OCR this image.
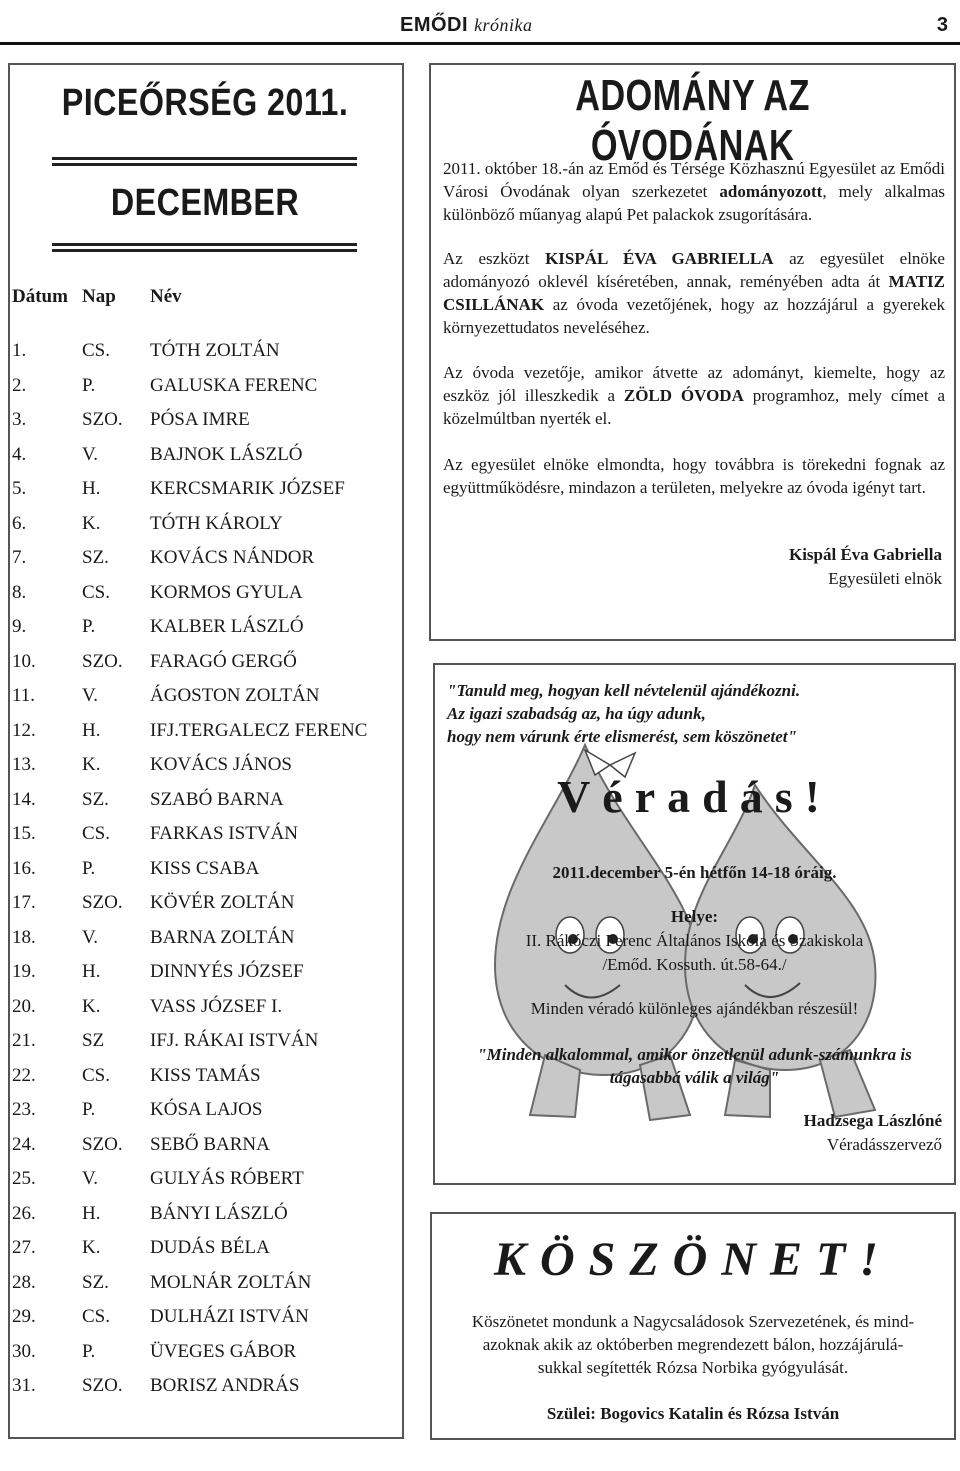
EMŐDI krónika	3
PICEŐRSÉG 2011.
DECEMBER
Dátum Nap Név
1.	CS. TÓTH ZOLTÁN
2.	P.	GALUSKA FERENC
3.	SZO. PÓSA IMRE
4.	V.	BAJNOK LÁSZLÓ
5.	H.	KERCSMARIK JÓZSEF
6.	K.	TÓTH KÁROLY
7.	SZ. KOVÁCS NÁNDOR
8.	CS. KORMOS GYULA
9.	P.	KALBER LÁSZLÓ
10. SZO. FARAGÓ GERGŐ
11. V.	ÁGOSTON ZOLTÁN
12. H.	IFJ.TERGALECZ FERENC
13. K.	KOVÁCS JÁNOS
14. SZ. SZABÓ BARNA
15. CS. FARKAS ISTVÁN
16. P.	KISS CSABA
17. SZO. KÖVÉR ZOLTÁN
18. V.	BARNA ZOLTÁN
19. H.	DINNYÉS JÓZSEF
20. K.	VASS JÓZSEF I.
21. SZ IFJ. RÁKAI ISTVÁN
22. CS. KISS TAMÁS
23. P.	KÓSA LAJOS
24. SZO. SEBŐ BARNA
25. V.	GULYÁS RÓBERT
26. H.	BÁNYI LÁSZLÓ
27. K.	DUDÁS BÉLA
28. SZ. MOLNÁR ZOLTÁN
29. CS. DULHÁZI ISTVÁN
30. P.	ÜVEGES GÁBOR
31. SZO. BORISZ ANDRÁS
ADOMÁNY AZ ÓVODÁNAK

2011. október 18.-án az Emőd és Térsége Közhasznú Egyesület az Emődi Városi Óvodának olyan szerkezetet adományozott, mely alkalmas különböző műanyag alapú Pet palackok zsugorítására.

Az eszközt KISPÁL ÉVA GABRIELLA az egyesület elnöke adományozó oklevél kíséretében, annak, reményében adta át MATIZ CSILLÁNAK az óvoda vezetőjének, hogy az hozzájárul a gyerekek környezettudatos neveléséhez.

Az óvoda vezetője, amikor átvette az adományt, kiemelte, hogy az eszköz jól illeszkedik a ZÖLD ÓVODA programhoz, mely címet a közelmúltban nyerték el.

Az egyesület elnöke elmondta, hogy továbbra is törekedni fognak az együttműködésre, mindazon a területen, melyekre az óvoda igényt tart.

Kispál Éva Gabriella
Egyesületi elnök
"Tanuld meg, hogyan kell névtelenül ajándékozni.
Az igazi szabadság az, ha úgy adunk,
hogy nem várunk érte elismerést, sem köszönetet"
Véradás!
2011.december 5-én hétfőn 14-18 óráig.
Helye:
II. Rákóczi Ferenc Általános Iskola és Szakiskola
/Emőd. Kossuth. út.58-64./
Minden véradó különleges ajándékban részesül!
"Minden alkalommal, amikor önzetlenül adunk-számunkra is
tágasabbá válik a világ"
Hadzsega Lászlóné
Véradásszervező
KÖSZÖNET!
Köszönetet mondunk a Nagycsaládosok Szervezetének, és mind-
azoknak akik az októberben megrendezett bálon, hozzájárulá-
sukkal segítették Rózsa Norbika gyógyulását.
Szülei: Bogovics Katalin és Rózsa István
